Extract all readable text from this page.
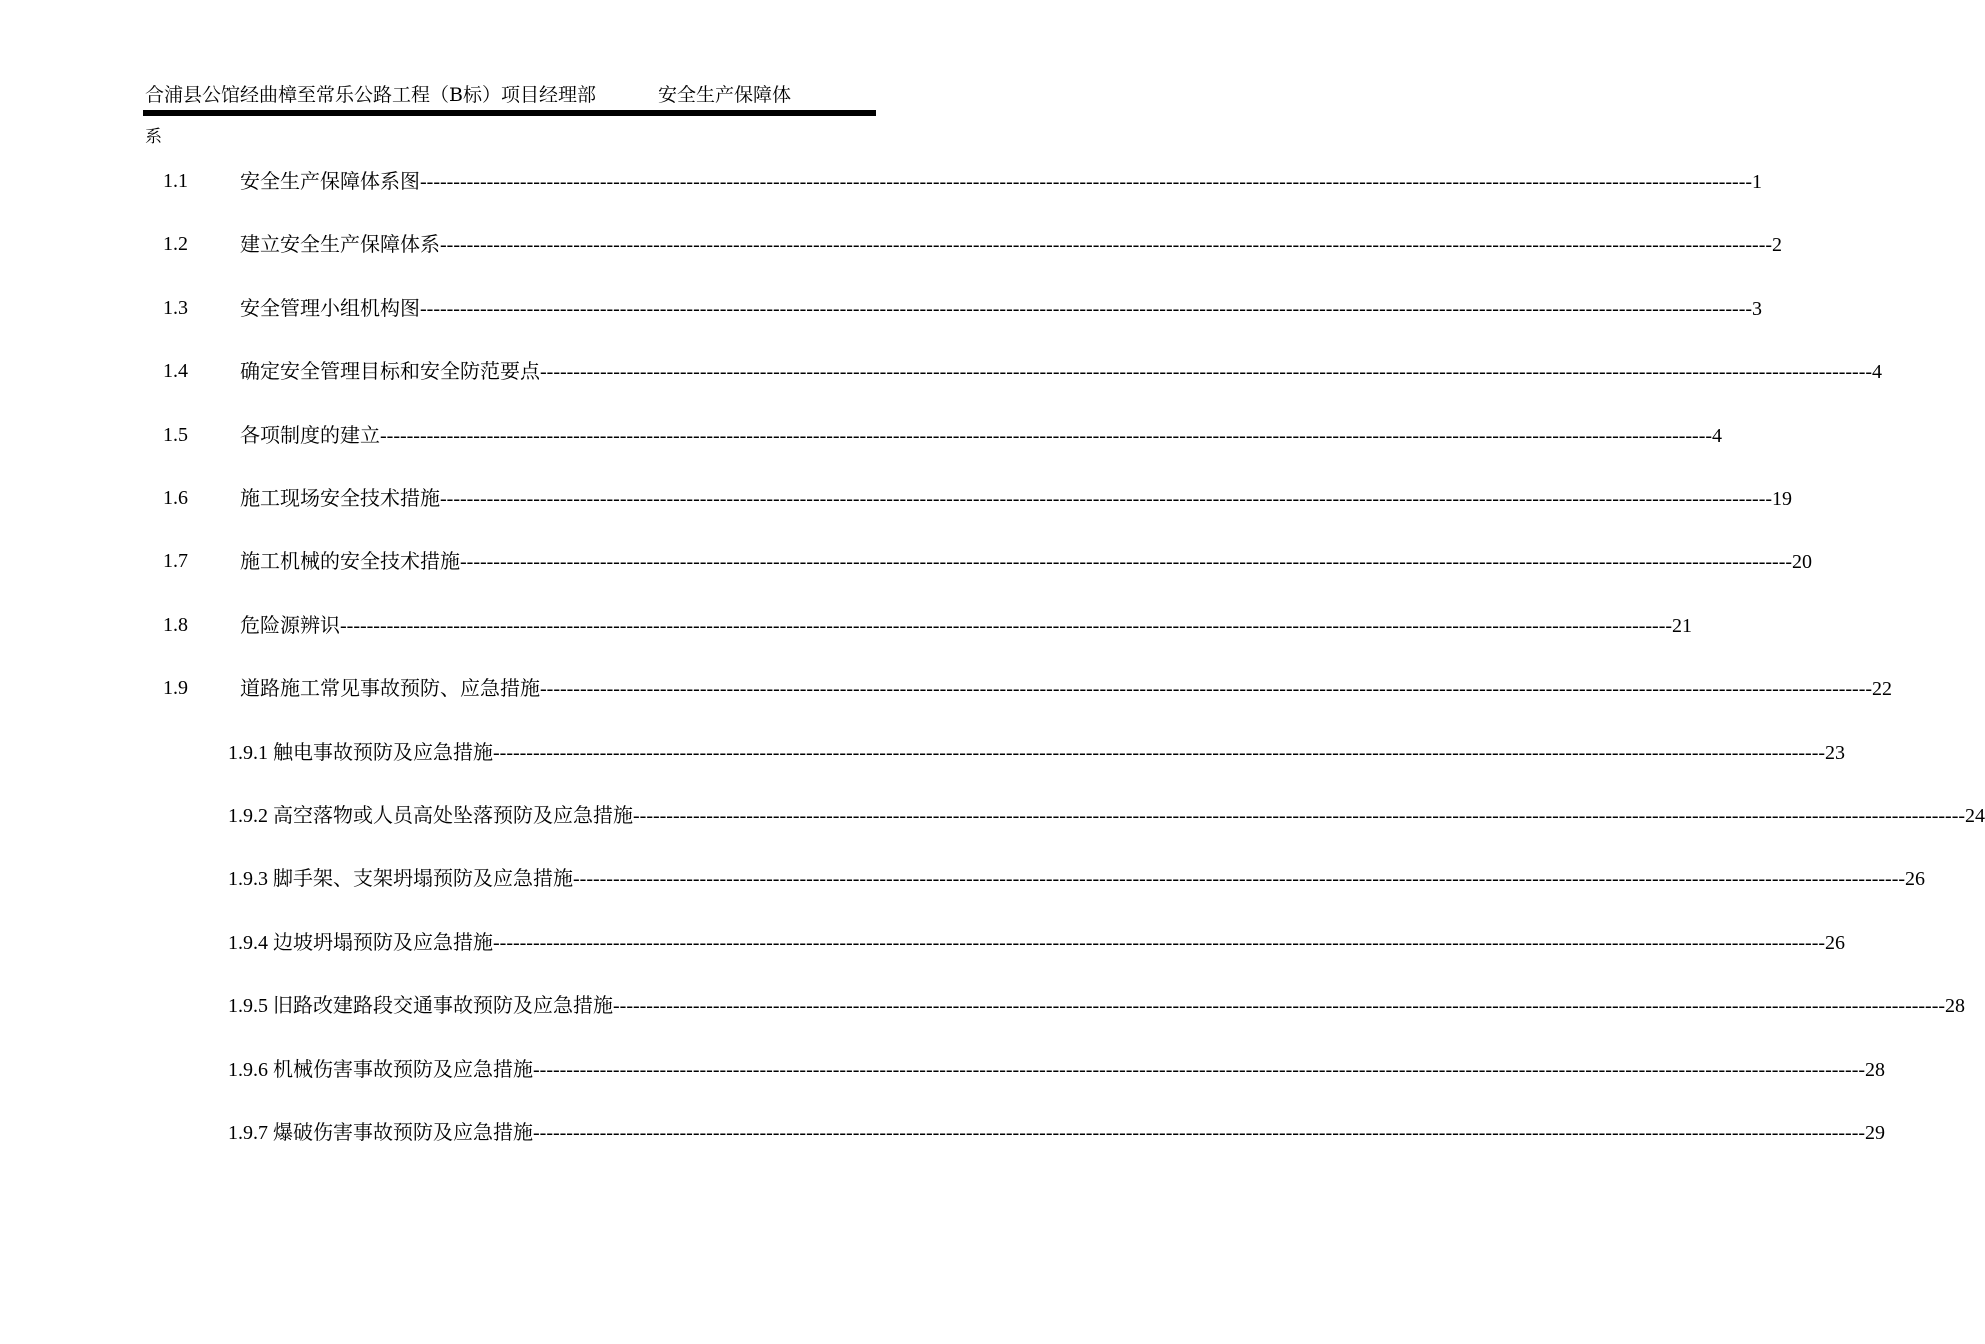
合浦县公馆经曲樟至常乐公路工程（B标）项目经理部	安全生产保障体
系
1.1	安全生产保障体系图 -------------------------------------------------------------------------------------------------------------------------------------------------------------------------------------------------------- 1
1.2	建立安全生产保障体系 -------------------------------------------------------------------------------------------------------------------------------------------------------------------------------------------------------- 2
1.3	安全管理小组机构图 -------------------------------------------------------------------------------------------------------------------------------------------------------------------------------------------------------- 3
1.4	确定安全管理目标和安全防范要点 -------------------------------------------------------------------------------------------------------------------------------------------------------------------------------------------------------- 4
1.5	各项制度的建立 -------------------------------------------------------------------------------------------------------------------------------------------------------------------------------------------------------- 4
1.6	施工现场安全技术措施 -------------------------------------------------------------------------------------------------------------------------------------------------------------------------------------------------------- 19
1.7	施工机械的安全技术措施 -------------------------------------------------------------------------------------------------------------------------------------------------------------------------------------------------------- 20
1.8	危险源辨识 -------------------------------------------------------------------------------------------------------------------------------------------------------------------------------------------------------- 21
1.9	道路施工常见事故预防、应急措施 -------------------------------------------------------------------------------------------------------------------------------------------------------------------------------------------------------- 22
1.9.1 触电事故预防及应急措施 -------------------------------------------------------------------------------------------------------------------------------------------------------------------------------------------------------- 23
1.9.2 高空落物或人员高处坠落预防及应急措施 -------------------------------------------------------------------------------------------------------------------------------------------------------------------------------------------------------- 24
1.9.3 脚手架、支架坍塌预防及应急措施 -------------------------------------------------------------------------------------------------------------------------------------------------------------------------------------------------------- 26
1.9.4 边坡坍塌预防及应急措施 -------------------------------------------------------------------------------------------------------------------------------------------------------------------------------------------------------- 26
1.9.5 旧路改建路段交通事故预防及应急措施 -------------------------------------------------------------------------------------------------------------------------------------------------------------------------------------------------------- 28
1.9.6 机械伤害事故预防及应急措施 -------------------------------------------------------------------------------------------------------------------------------------------------------------------------------------------------------- 28
1.9.7 爆破伤害事故预防及应急措施 -------------------------------------------------------------------------------------------------------------------------------------------------------------------------------------------------------- 29
